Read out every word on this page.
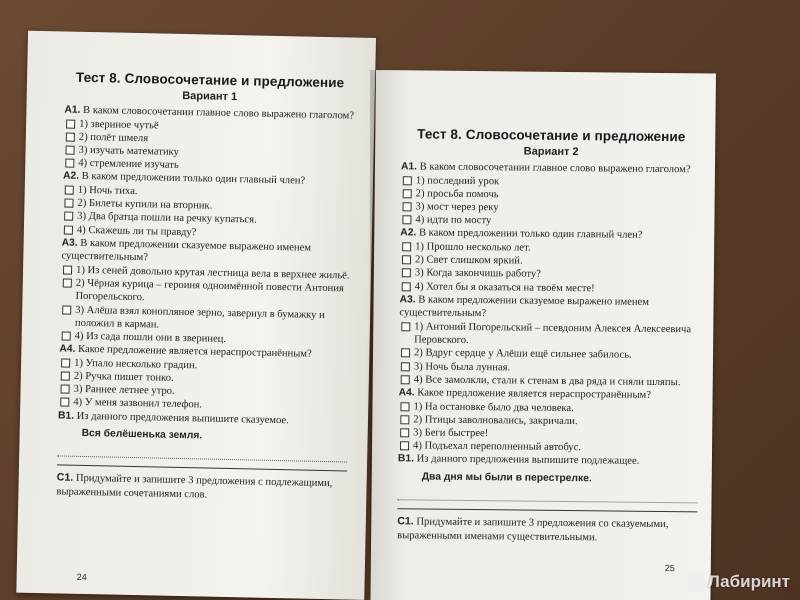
Тест 8. Словосочетание и предложение
Вариант 1
А1. В каком словосочетании главное слово выражено глаголом?
1) звериное чутьё
2) полёт шмеля
3) изучать математику
4) стремление изучать
А2. В каком предложении только один главный член?
1) Ночь тиха.
2) Билеты купили на вторник.
3) Два братца пошли на речку купаться.
4) Скажешь ли ты правду?
А3. В каком предложении сказуемое выражено именем существительным?
1) Из сеней довольно крутая лестница вела в верхнее жильё.
2) Чёрная курица – героиня одноимённой повести Антония Погорельского.
3) Алёша взял конопляное зерно, завернул в бумажку и положил в карман.
4) Из сада пошли они в зверинец.
А4. Какое предложение является нераспространённым?
1) Упало несколько градин.
2) Ручка пишет тонко.
3) Раннее летнее утро.
4) У меня зазвонил телефон.
В1. Из данного предложения выпишите сказуемое.
Вся белёшенька земля.
С1. Придумайте и запишите 3 предложения с подлежащими, выраженными сочетаниями слов.
24
Тест 8. Словосочетание и предложение
Вариант 2
А1. В каком словосочетании главное слово выражено глаголом?
1) последний урок
2) просьба помочь
3) мост через реку
4) идти по мосту
А2. В каком предложении только один главный член?
1) Прошло несколько лет.
2) Свет слишком яркий.
3) Когда закончишь работу?
4) Хотел бы я оказаться на твоём месте!
А3. В каком предложении сказуемое выражено именем существительным?
1) Антоний Погорельский – псевдоним Алексея Алексеевича Перовского.
2) Вдруг сердце у Алёши ещё сильнее забилось.
3) Ночь была лунная.
4) Все замолкли, стали к стенам в два ряда и сняли шляпы.
А4. Какое предложение является нераспространённым?
1) На остановке было два человека.
2) Птицы заволновались, закричали.
3) Беги быстрее!
4) Подъехал переполненный автобус.
В1. Из данного предложения выпишите подлежащее.
Два дня мы были в перестрелке.
С1. Придумайте и запишите 3 предложения со сказуемыми, выраженными именами существительными.
25
Лабиринт
